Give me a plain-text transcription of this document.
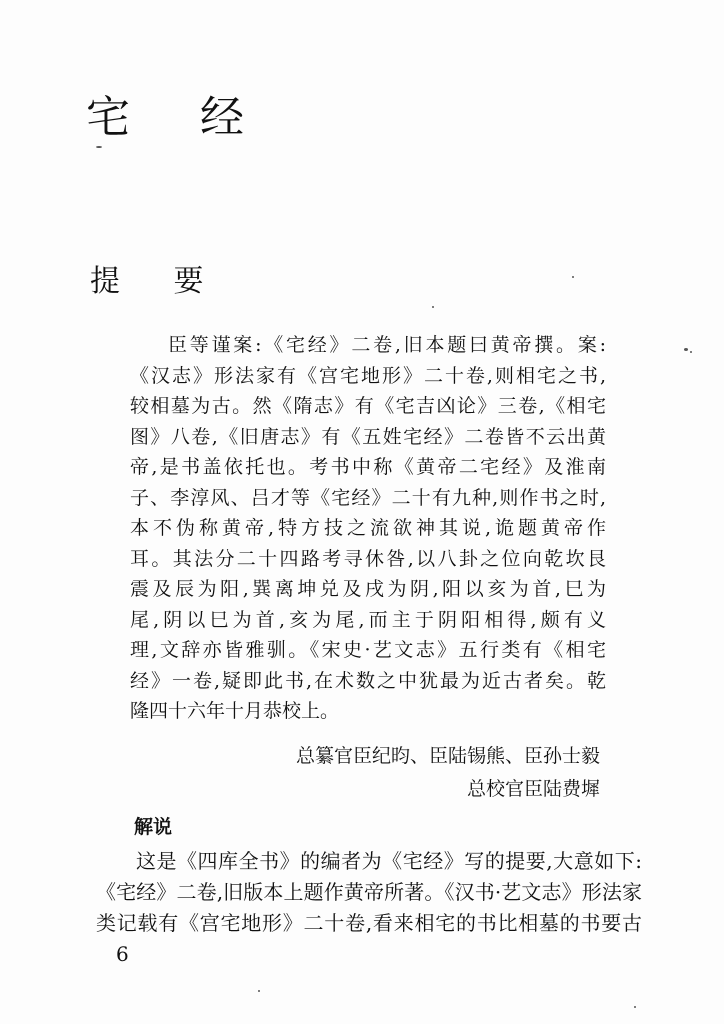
宅 经
提 要
臣等谨案:《宅经》二卷,旧本题曰黄帝撰。案:
《汉志》形法家有《宫宅地形》二十卷,则相宅之书,
较相墓为古。然《隋志》有《宅吉凶论》三卷,《相宅
图》八卷,《旧唐志》有《五姓宅经》二卷皆不云出黄
帝,是书盖依托也。考书中称《黄帝二宅经》及淮南
子、李淳风、吕才等《宅经》二十有九种,则作书之时,
本不伪称黄帝,特方技之流欲神其说,诡题黄帝作
耳。其法分二十四路考寻休咎,以八卦之位向乾坎艮
震及辰为阳,巽离坤兑及戌为阴,阳以亥为首,巳为
尾,阴以巳为首,亥为尾,而主于阴阳相得,颇有义
理,文辞亦皆雅驯。《宋史·艺文志》五行类有《相宅
经》一卷,疑即此书,在术数之中犹最为近古者矣。乾
隆四十六年十月恭校上。
总纂官臣纪昀、臣陆锡熊、臣孙士毅
总校官臣陆费墀
解说
这是《四库全书》的编者为《宅经》写的提要,大意如下:
《宅经》二卷,旧版本上题作黄帝所著。《汉书·艺文志》形法家
类记载有《宫宅地形》二十卷,看来相宅的书比相墓的书要古

6
